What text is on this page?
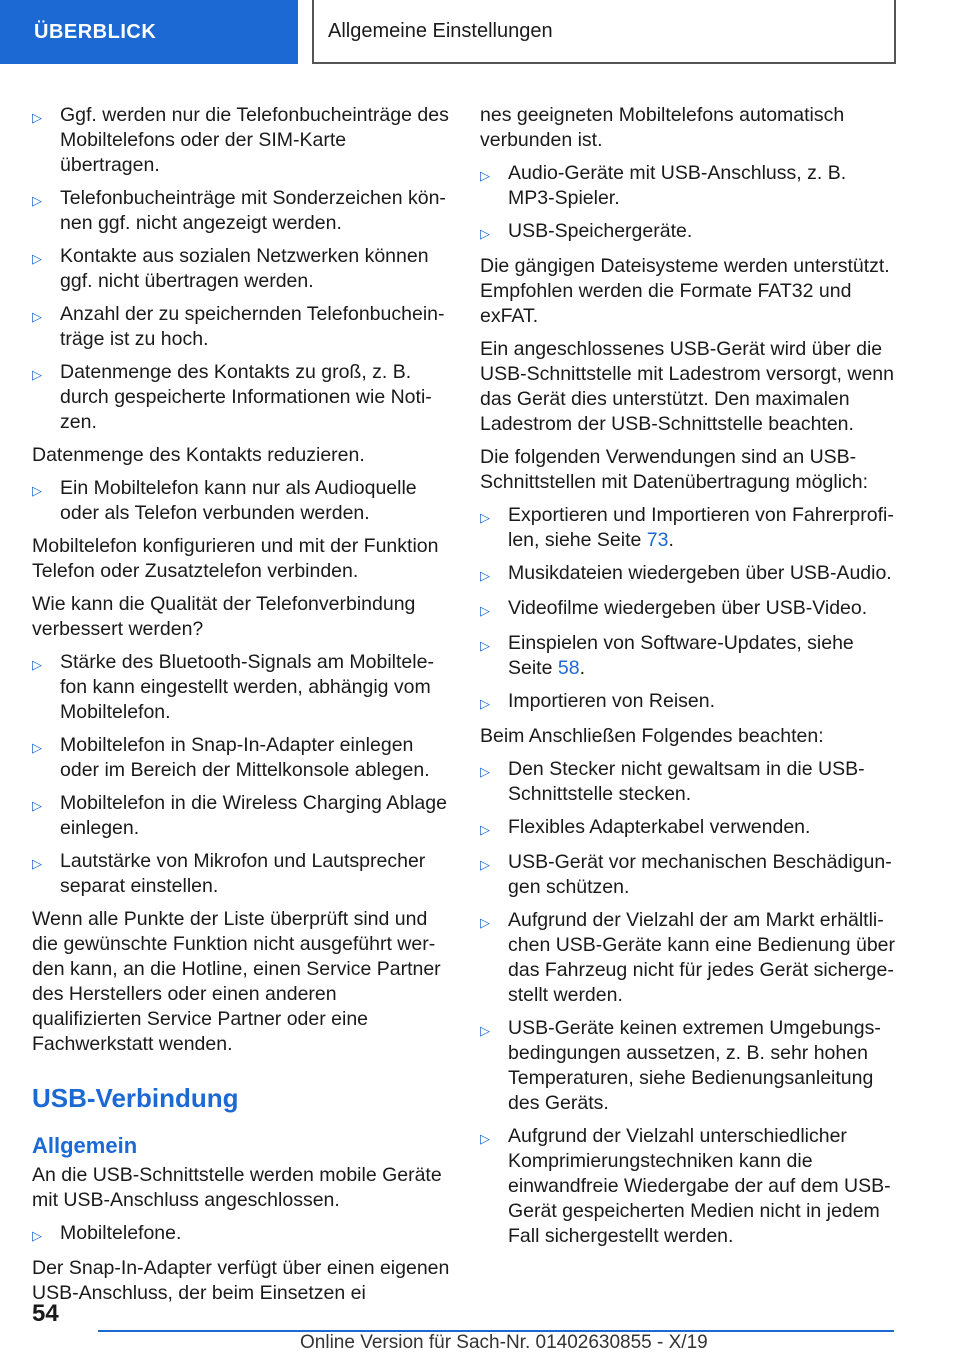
ÜBERBLICK	Allgemeine Einstellungen
▷ Ggf. werden nur die Telefonbucheinträge des Mobiltelefons oder der SIM-Karte übertragen.
▷ Telefonbucheinträge mit Sonderzeichen können ggf. nicht angezeigt werden.
▷ Kontakte aus sozialen Netzwerken können ggf. nicht übertragen werden.
▷ Anzahl der zu speichernden Telefonbucheinträge ist zu hoch.
▷ Datenmenge des Kontakts zu groß, z. B. durch gespeicherte Informationen wie Notizen.

Datenmenge des Kontakts reduzieren.

▷ Ein Mobiltelefon kann nur als Audioquelle oder als Telefon verbunden werden.

Mobiltelefon konfigurieren und mit der Funktion Telefon oder Zusatztelefon verbinden.

Wie kann die Qualität der Telefonverbindung verbessert werden?

▷ Stärke des Bluetooth-Signals am Mobiltelefon kann eingestellt werden, abhängig vom Mobiltelefon.
▷ Mobiltelefon in Snap-In-Adapter einlegen oder im Bereich der Mittelkonsole ablegen.
▷ Mobiltelefon in die Wireless Charging Ablage einlegen.
▷ Lautstärke von Mikrofon und Lautsprecher separat einstellen.

Wenn alle Punkte der Liste überprüft sind und die gewünschte Funktion nicht ausgeführt werden kann, an die Hotline, einen Service Partner des Herstellers oder einen anderen qualifizierten Service Partner oder eine Fachwerkstatt wenden.

USB-Verbindung
Allgemein

An die USB-Schnittstelle werden mobile Geräte mit USB-Anschluss angeschlossen.

▷ Mobiltelefone.

Der Snap-In-Adapter verfügt über einen eigenen USB-Anschluss, der beim Einsetzen ei

nes geeigneten Mobiltelefons automatisch verbunden ist.

▷ Audio-Geräte mit USB-Anschluss, z. B. MP3-Spieler.
▷ USB-Speichergeräte.

Die gängigen Dateisysteme werden unterstützt. Empfohlen werden die Formate FAT32 und exFAT.

Ein angeschlossenes USB-Gerät wird über die USB-Schnittstelle mit Ladestrom versorgt, wenn das Gerät dies unterstützt. Den maximalen Ladestrom der USB-Schnittstelle beachten.

Die folgenden Verwendungen sind an USB-Schnittstellen mit Datenübertragung möglich:

▷ Exportieren und Importieren von Fahrerprofilen, siehe Seite 73.
▷ Musikdateien wiedergeben über USB-Audio.
▷ Videofilme wiedergeben über USB-Video.
▷ Einspielen von Software-Updates, siehe Seite 58.
▷ Importieren von Reisen.

Beim Anschließen Folgendes beachten:

▷ Den Stecker nicht gewaltsam in die USB-Schnittstelle stecken.
▷ Flexibles Adapterkabel verwenden.
▷ USB-Gerät vor mechanischen Beschädigungen schützen.
▷ Aufgrund der Vielzahl der am Markt erhältlichen USB-Geräte kann eine Bedienung über das Fahrzeug nicht für jedes Gerät sichergestellt werden.
▷ USB-Geräte keinen extremen Umgebungsbedingungen aussetzen, z. B. sehr hohen Temperaturen, siehe Bedienungsanleitung des Geräts.
▷ Aufgrund der Vielzahl unterschiedlicher Komprimierungstechniken kann die einwandfreie Wiedergabe der auf dem USB-Gerät gespeicherten Medien nicht in jedem Fall sichergestellt werden.
54
Online Version für Sach-Nr. 01402630855 - X/19
